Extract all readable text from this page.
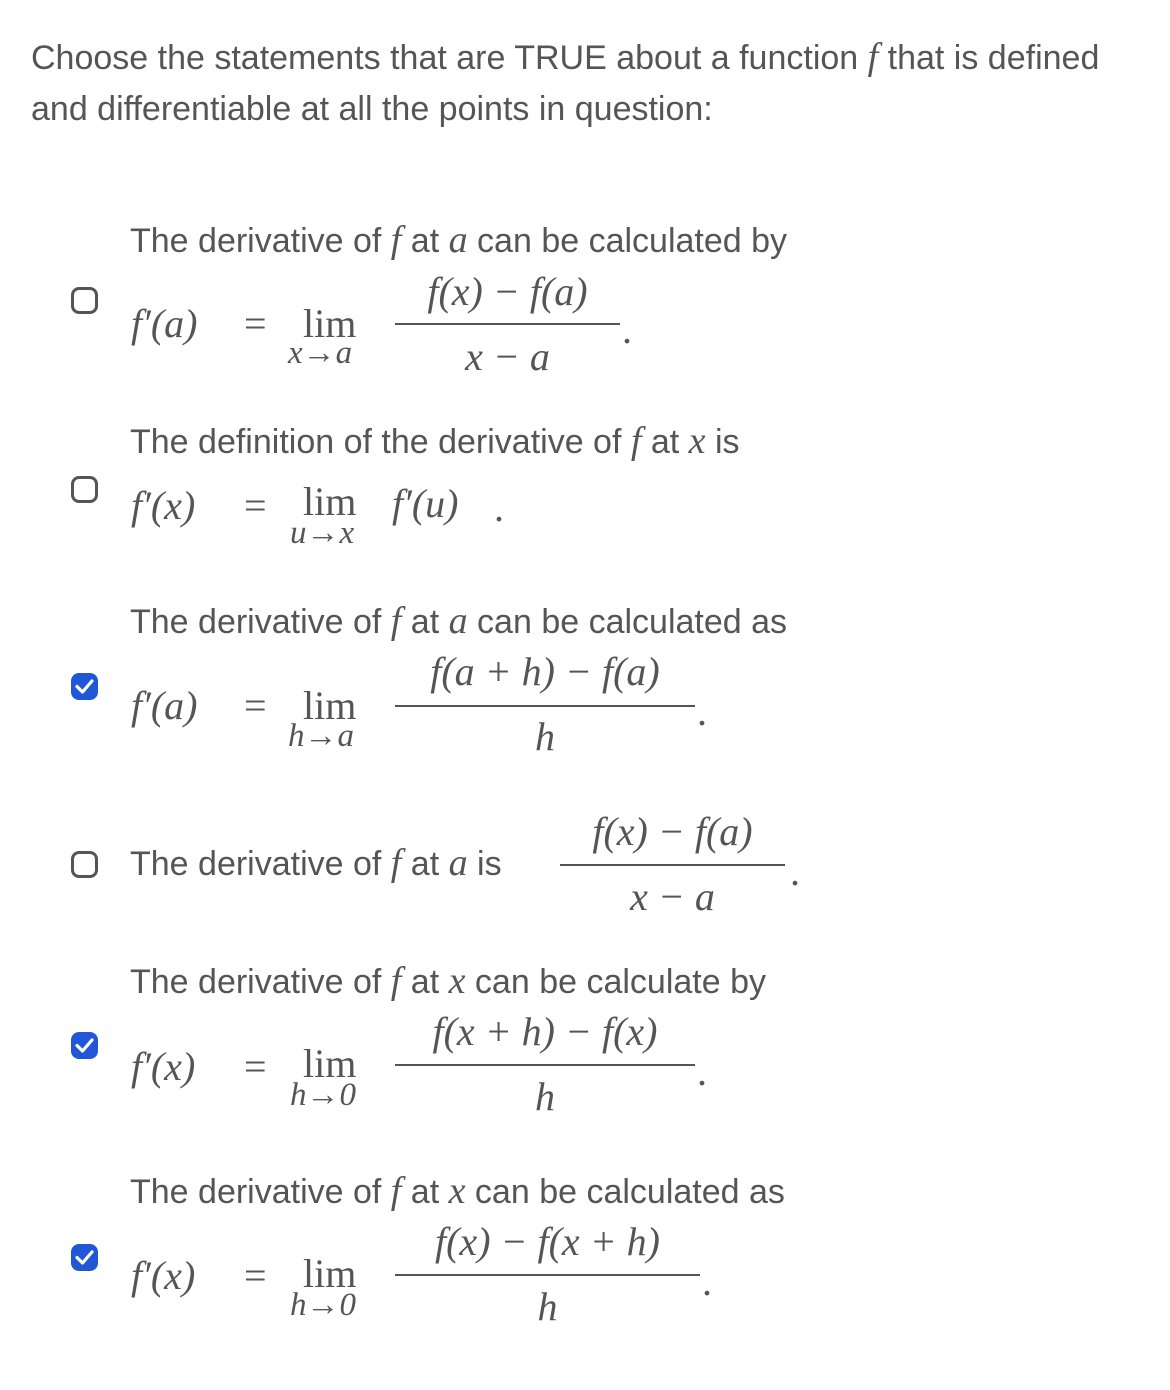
Choose the statements that are TRUE about a function f that is defined and differentiable at all the points in question:
The derivative of f at a can be calculated by
f′(a) = lim
x→a
f(x) − f(a)
x − a
.
The definition of the derivative of f at x is
f′(x) = lim
u→x
f′(u) .
The derivative of f at a can be calculated as
f′(a) = lim
h→a
f(a + h) − f(a)
h
.
The derivative of f at a is
f(x) − f(a)
x − a
.
The derivative of f at x can be calculate by
f′(x) = lim
h→0
f(x + h) − f(x)
h
.
The derivative of f at x can be calculated as
f′(x) = lim
h→0
f(x) − f(x + h)
h
.
